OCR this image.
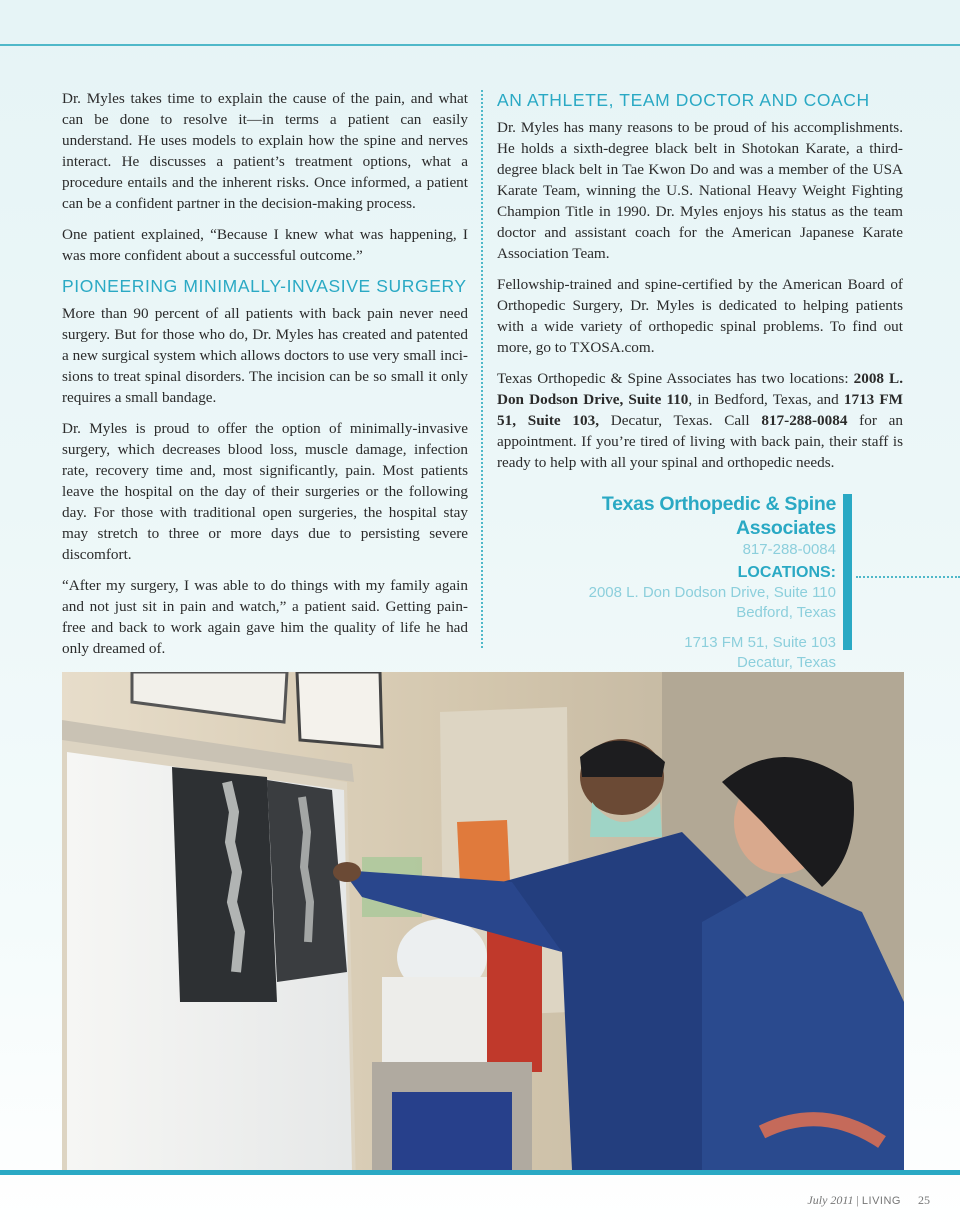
Dr. Myles takes time to explain the cause of the pain, and what can be done to resolve it—in terms a patient can easily understand. He uses models to explain how the spine and nerves interact. He discusses a patient’s treatment options, what a procedure entails and the inherent risks. Once informed, a patient can be a confident partner in the decision-making process.

One patient explained, “Because I knew what was happening, I was more confident about a successful outcome.”

PIONEERING MINIMALLY-INVASIVE SURGERY

More than 90 percent of all patients with back pain never need surgery. But for those who do, Dr. Myles has created and patented a new surgical system which allows doctors to use very small inci-sions to treat spinal disorders. The incision can be so small it only requires a small bandage.

Dr. Myles is proud to offer the option of minimally-invasive surgery, which decreases blood loss, muscle damage, infection rate, recovery time and, most significantly, pain. Most patients leave the hospital on the day of their surgeries or the following day. For those with traditional open surgeries, the hospital stay may stretch to three or more days due to persisting severe discomfort.

“After my surgery, I was able to do things with my family again and not just sit in pain and watch,” a patient said. Getting pain-free and back to work again gave him the quality of life he had only dreamed of.

AN ATHLETE, TEAM DOCTOR AND COACH

Dr. Myles has many reasons to be proud of his accomplishments. He holds a sixth-degree black belt in Shotokan Karate, a third-degree black belt in Tae Kwon Do and was a member of the USA Karate Team, winning the U.S. National Heavy Weight Fighting Champion Title in 1990. Dr. Myles enjoys his status as the team doctor and assistant coach for the American Japanese Karate Association Team.

Fellowship-trained and spine-certified by the American Board of Orthopedic Surgery, Dr. Myles is dedicated to helping patients with a wide variety of orthopedic spinal problems. To find out more, go to TXOSA.com.

Texas Orthopedic & Spine Associates has two locations: 2008 L. Don Dodson Drive, Suite 110, in Bedford, Texas, and 1713 FM 51, Suite 103, Decatur, Texas. Call 817-288-0084 for an appointment. If you’re tired of living with back pain, their staff is ready to help with all your spinal and orthopedic needs.

Texas Orthopedic & Spine Associates
817-288-0084
LOCATIONS:
2008 L. Don Dodson Drive, Suite 110
Bedford, Texas
1713 FM 51, Suite 103
Decatur, Texas
July 2011 | LIVING 25
